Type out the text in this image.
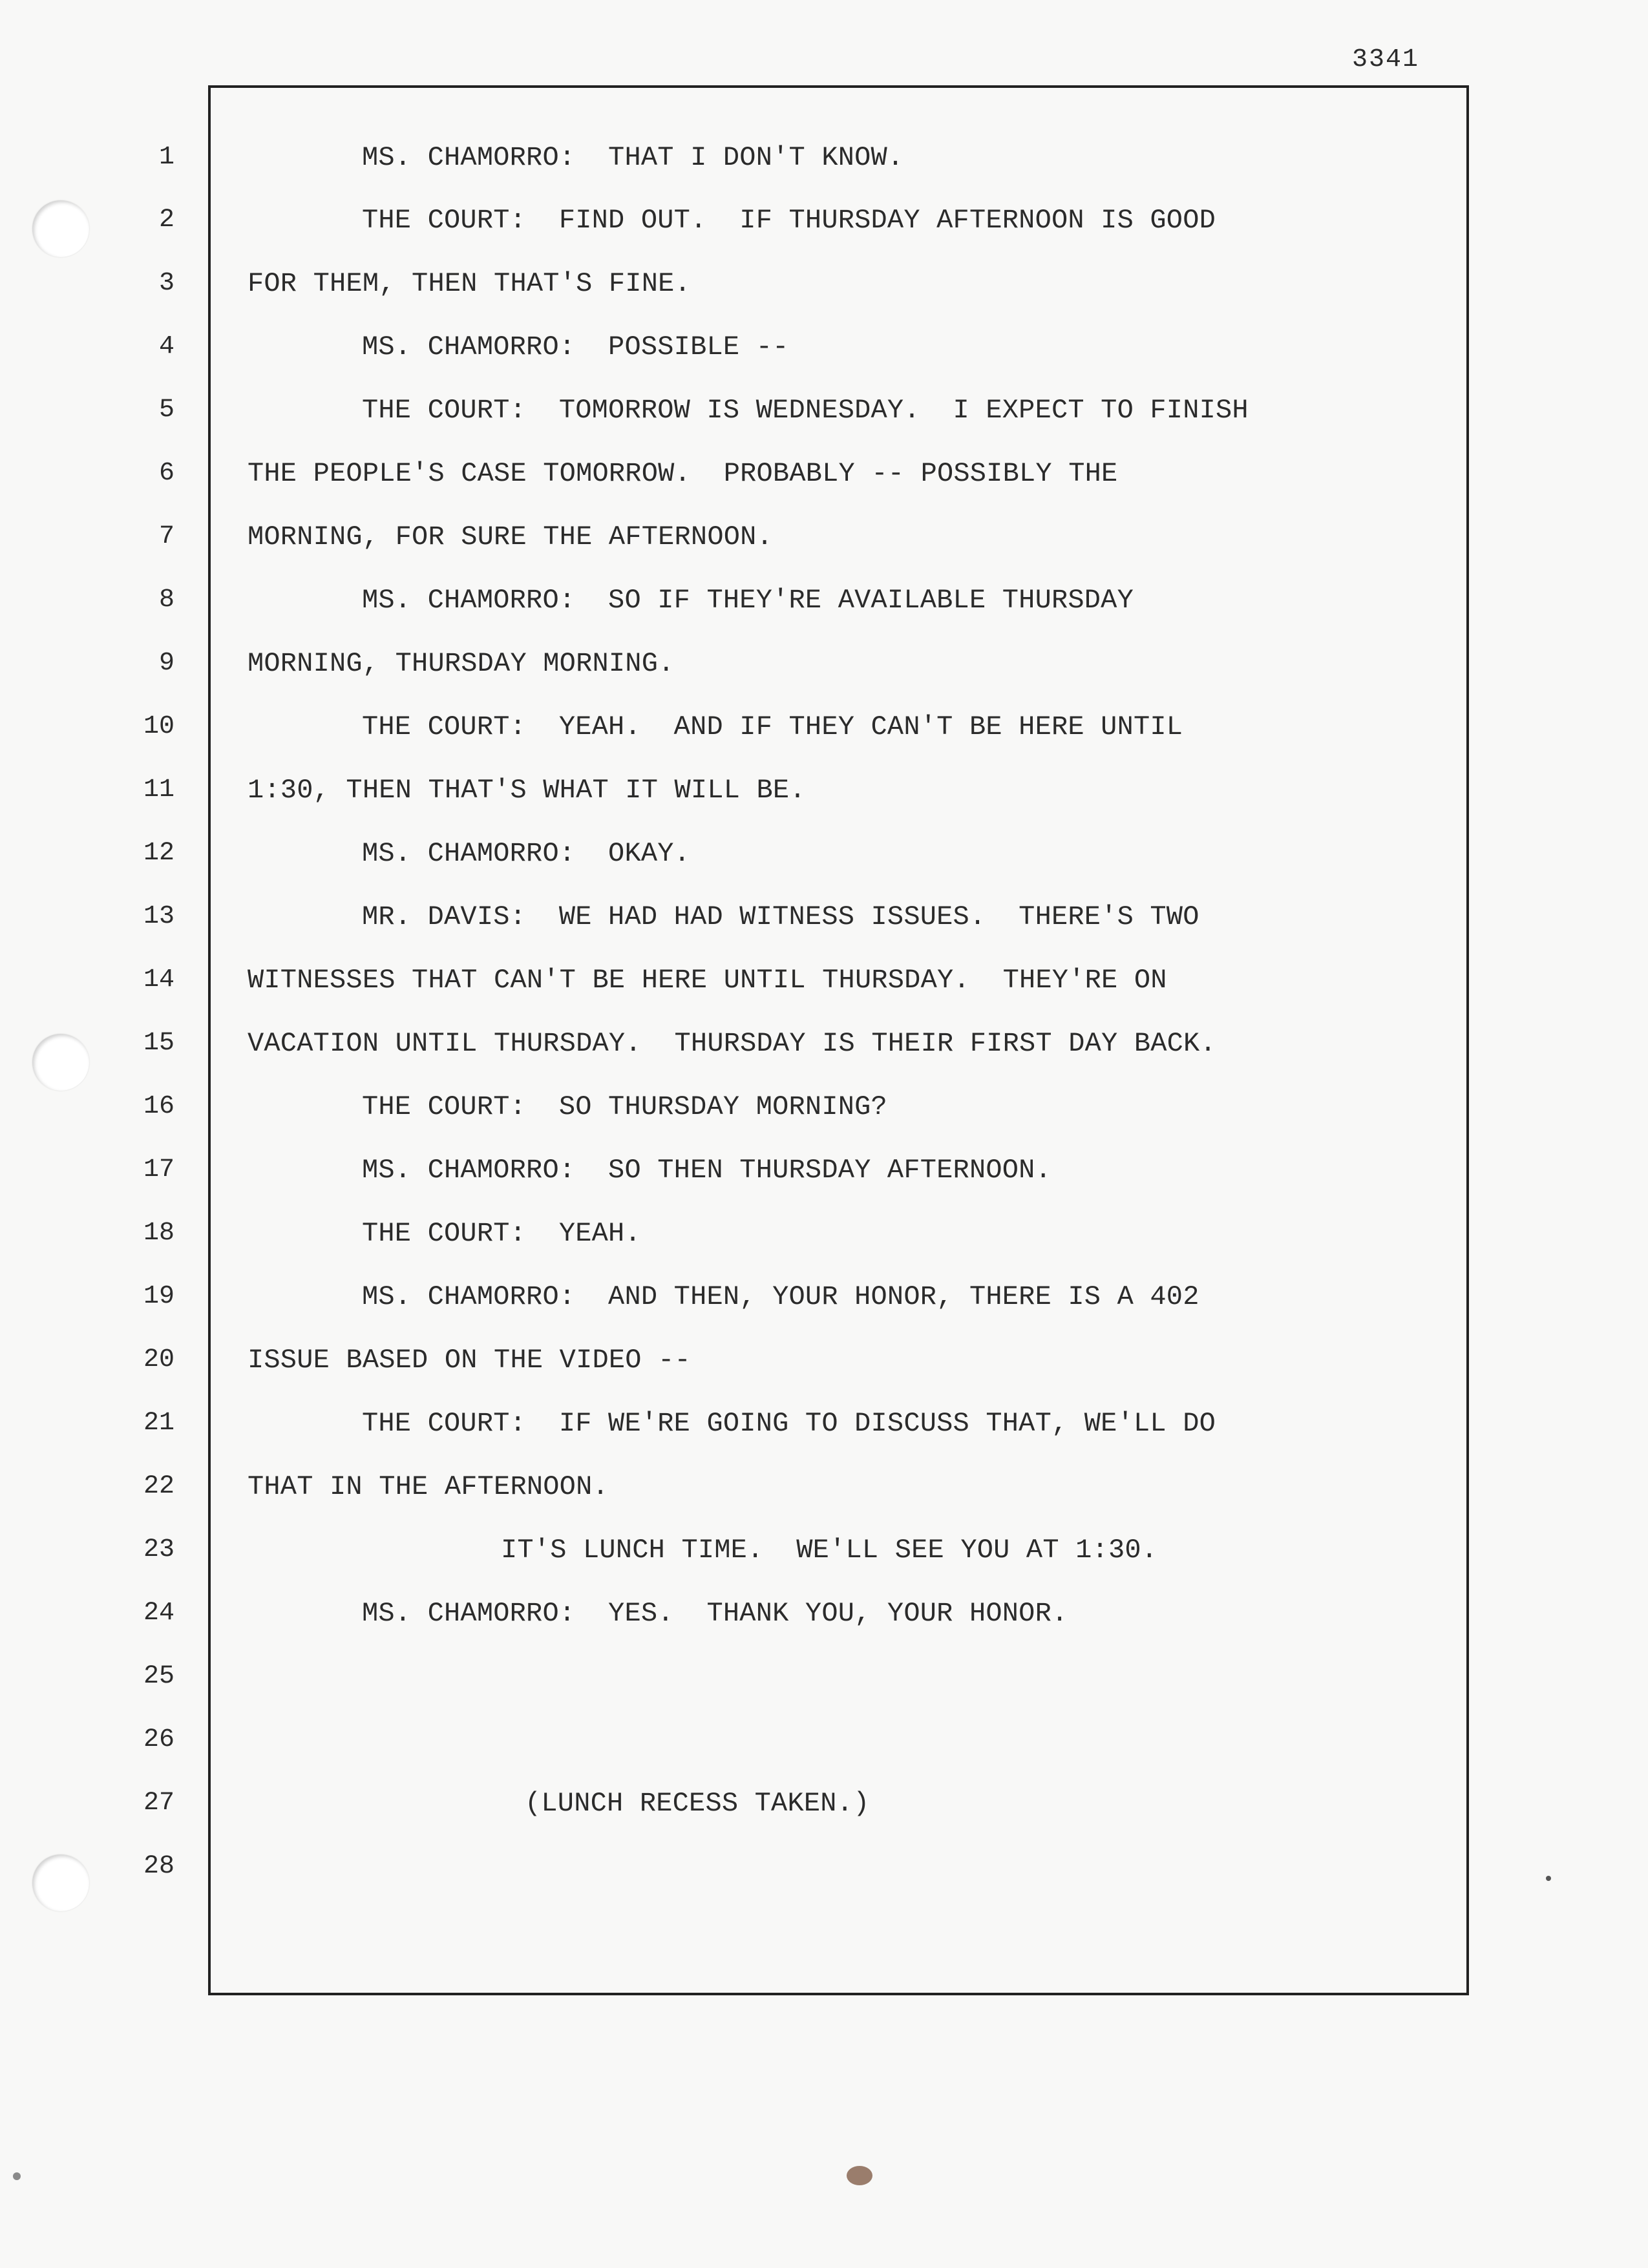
3341
1
2
3
4
5
6
7
8
9
10
11
12
13
14
15
16
17
18
19
20
21
22
23
24
25
26
27
28
MS. CHAMORRO:  THAT I DON'T KNOW.
THE COURT:  FIND OUT.  IF THURSDAY AFTERNOON IS GOOD
FOR THEM, THEN THAT'S FINE.
MS. CHAMORRO:  POSSIBLE --
THE COURT:  TOMORROW IS WEDNESDAY.  I EXPECT TO FINISH
THE PEOPLE'S CASE TOMORROW.  PROBABLY -- POSSIBLY THE
MORNING, FOR SURE THE AFTERNOON.
MS. CHAMORRO:  SO IF THEY'RE AVAILABLE THURSDAY
MORNING, THURSDAY MORNING.
THE COURT:  YEAH.  AND IF THEY CAN'T BE HERE UNTIL
1:30, THEN THAT'S WHAT IT WILL BE.
MS. CHAMORRO:  OKAY.
MR. DAVIS:  WE HAD HAD WITNESS ISSUES.  THERE'S TWO
WITNESSES THAT CAN'T BE HERE UNTIL THURSDAY.  THEY'RE ON
VACATION UNTIL THURSDAY.  THURSDAY IS THEIR FIRST DAY BACK.
THE COURT:  SO THURSDAY MORNING?
MS. CHAMORRO:  SO THEN THURSDAY AFTERNOON.
THE COURT:  YEAH.
MS. CHAMORRO:  AND THEN, YOUR HONOR, THERE IS A 402
ISSUE BASED ON THE VIDEO --
THE COURT:  IF WE'RE GOING TO DISCUSS THAT, WE'LL DO
THAT IN THE AFTERNOON.
IT'S LUNCH TIME.  WE'LL SEE YOU AT 1:30.
MS. CHAMORRO:  YES.  THANK YOU, YOUR HONOR.
(LUNCH RECESS TAKEN.)
